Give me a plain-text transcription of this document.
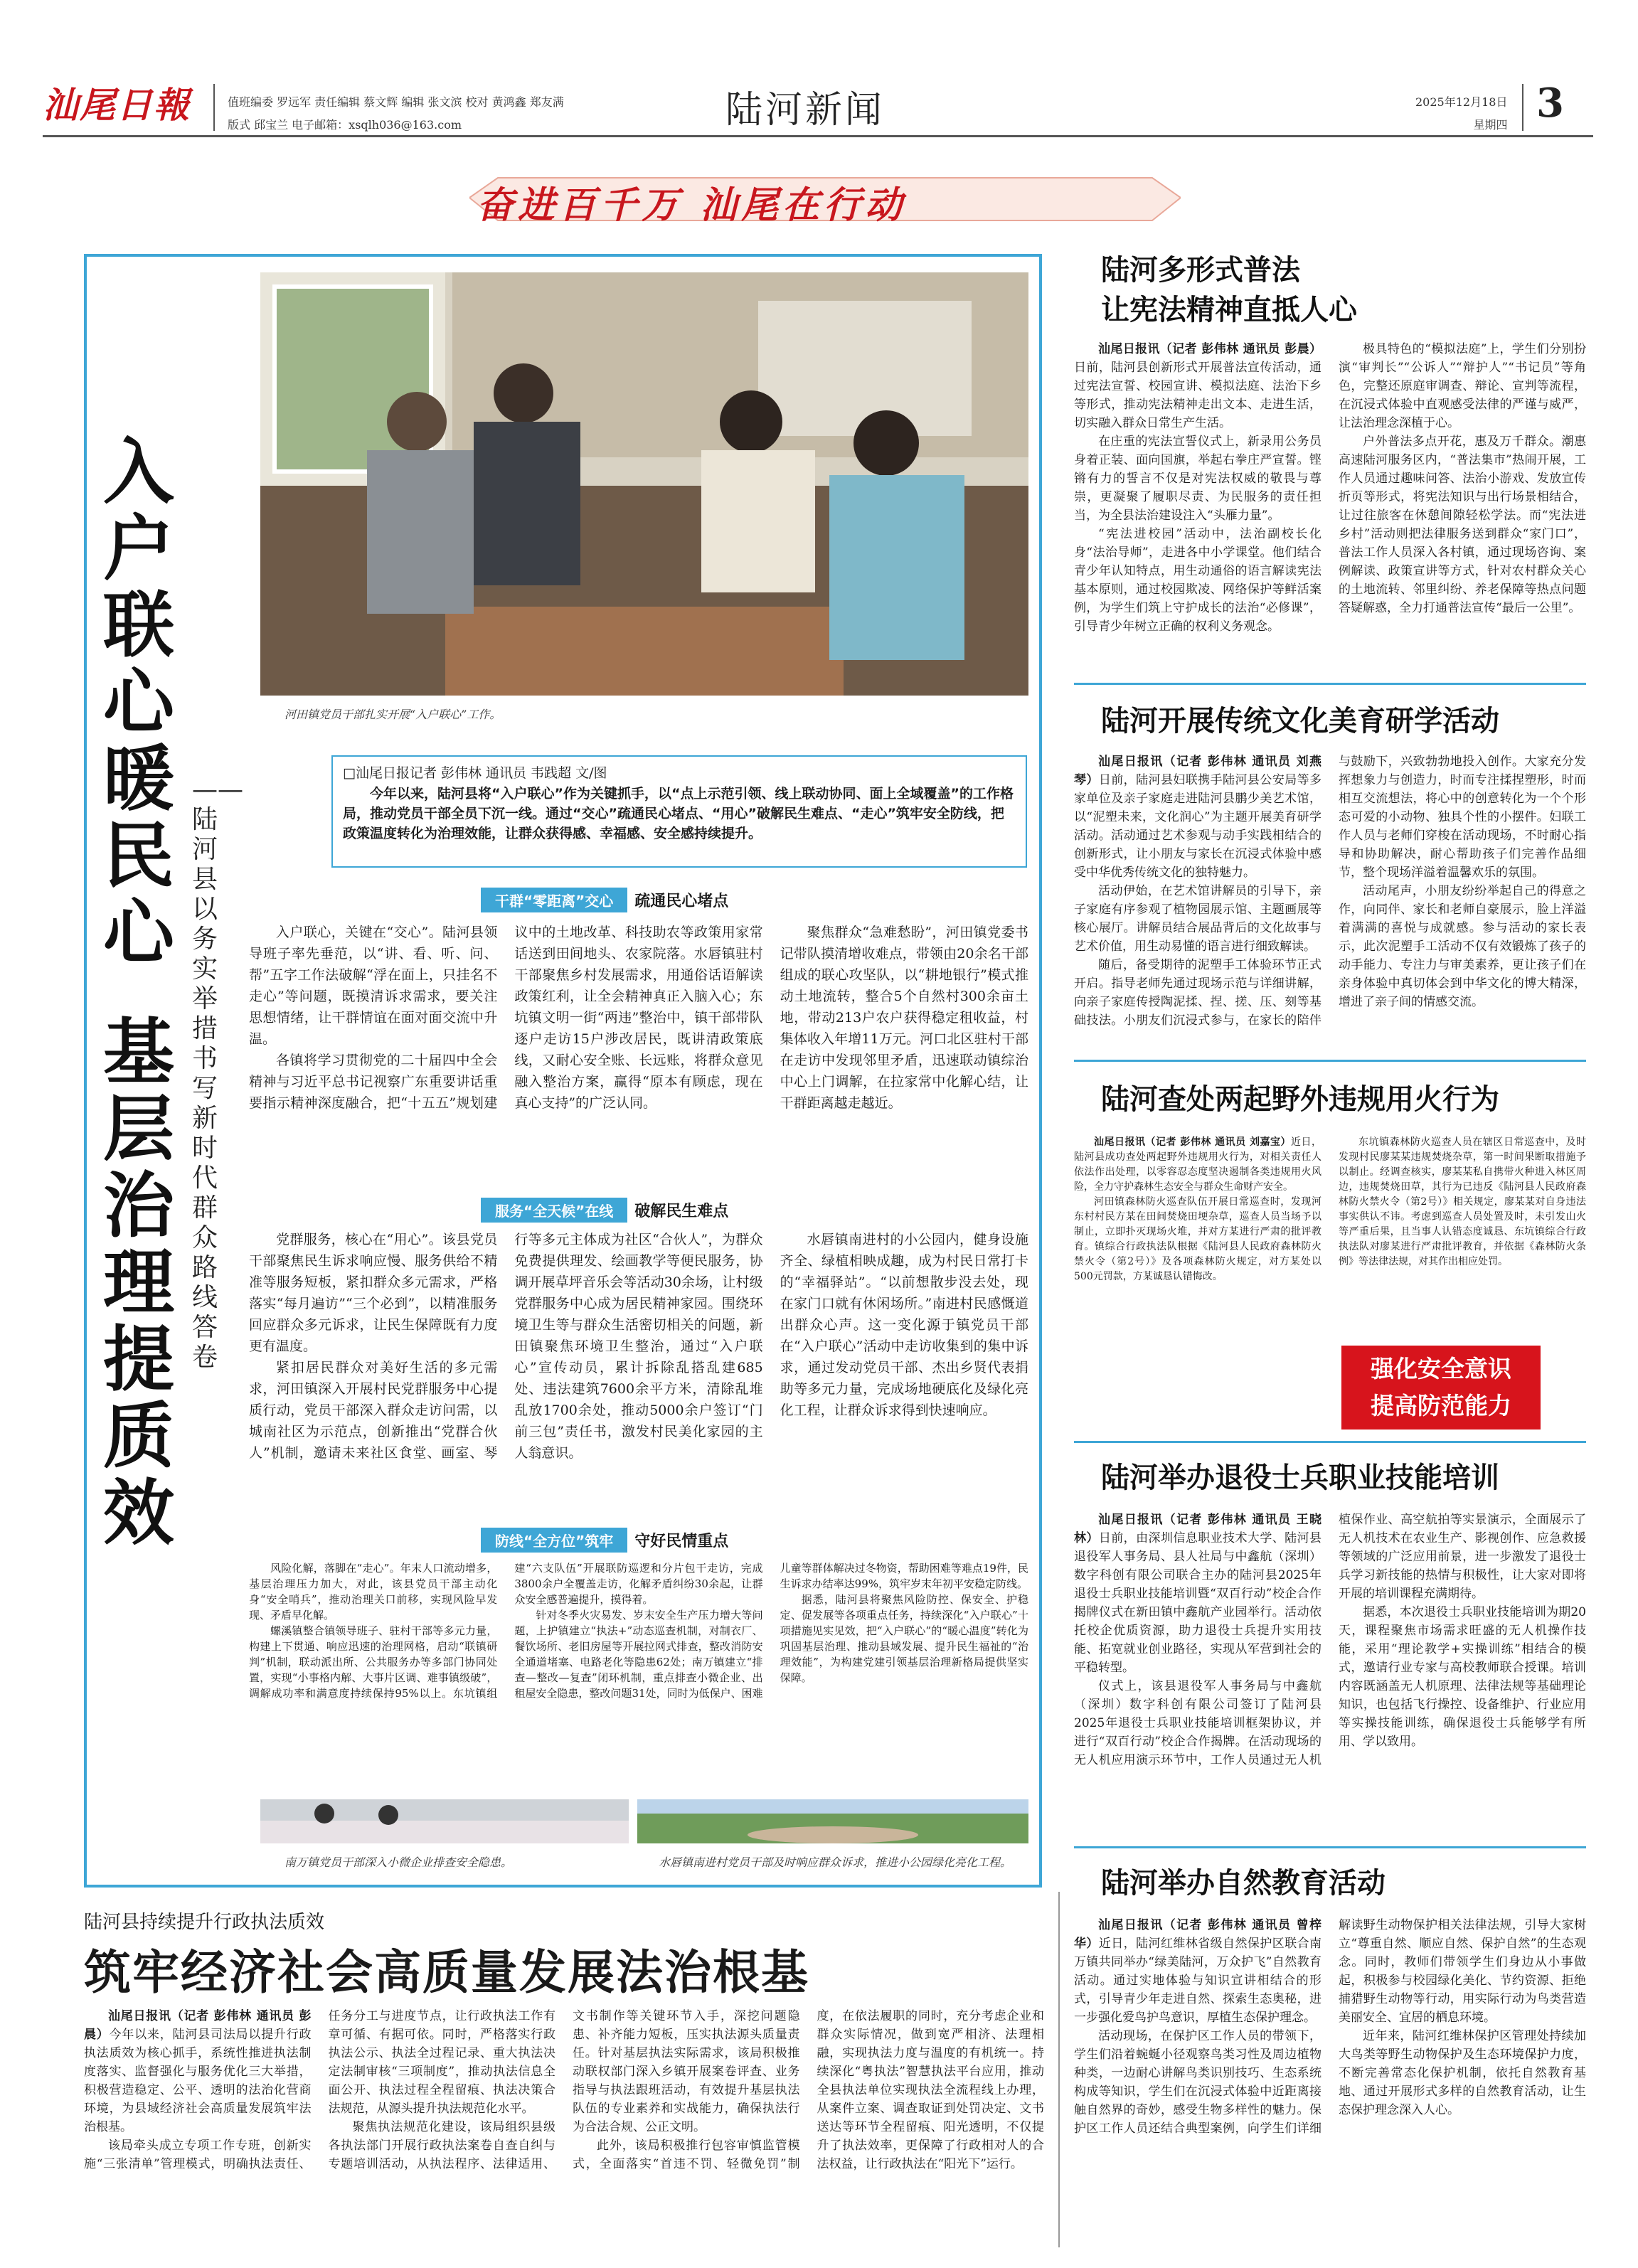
汕尾日報	值班编委 罗远军 责任编辑 蔡文辉 编辑 张文滨 校对 黄鸿鑫 郑友满
版式 邱宝兰 电子邮箱：xsqlh036@163.com	陆河新闻	2025年12月18日
星期四 3
奋进百千万 汕尾在行动
入户联心暖民心
基层治理提质效
——陆河县以务实举措书写新时代群众路线答卷
河田镇党员干部扎实开展“入户联心”工作。
□汕尾日报记者 彭伟林 通讯员 韦践超 文/图
今年以来，陆河县将“入户联心”作为关键抓手，以“点上示范引领、线上联动协同、面上全域覆盖”的工作格局，推动党员干部全员下沉一线。通过“交心”疏通民心堵点、“用心”破解民生难点、“走心”筑牢安全防线，把政策温度转化为治理效能，让群众获得感、幸福感、安全感持续提升。
干群“零距离”交心 疏通民心堵点

入户联心，关键在“交心”。陆河县领导班子率先垂范，以“讲、看、听、问、帮”五字工作法破解“浮在面上，只挂名不走心”等问题，既摸清诉求需求，要关注思想情绪，让干群情谊在面对面交流中升温。

各镇将学习贯彻党的二十届四中全会精神与习近平总书记视察广东重要讲话重要指示精神深度融合，把“十五五”规划建议中的土地改革、科技助农等政策用家常话送到田间地头、农家院落。水唇镇驻村干部聚焦乡村发展需求，用通俗话语解读政策红利，让全会精神真正入脑入心；东坑镇文明一街“两违”整治中，镇干部带队逐户走访15户涉改居民，既讲清政策底线，又耐心安全账、长远账，将群众意见融入整治方案，赢得“原本有顾虑，现在真心支持”的广泛认同。

聚焦群众“急难愁盼”，河田镇党委书记带队摸清增收难点，带领由20余名干部组成的联心攻坚队，以“耕地银行”模式推动土地流转，整合5个自然村300余亩土地，带动213户农户获得稳定租收益，村集体收入年增11万元。河口北区驻村干部在走访中发现邻里矛盾，迅速联动镇综治中心上门调解，在拉家常中化解心结，让干群距离越走越近。

服务“全天候”在线 破解民生难点

党群服务，核心在“用心”。该县党员干部聚焦民生诉求响应慢、服务供给不精准等服务短板，紧扣群众多元需求，严格落实“每月遍访”“三个必到”，以精准服务回应群众多元诉求，让民生保障既有力度更有温度。

紧扣居民群众对美好生活的多元需求，河田镇深入开展村民党群服务中心提质行动，党员干部深入群众走访问需，以城南社区为示范点，创新推出“党群合伙人”机制，邀请未来社区食堂、画室、琴行等多元主体成为社区“合伙人”，为群众免费提供理发、绘画教学等便民服务，协调开展草坪音乐会等活动30余场，让村级党群服务中心成为居民精神家园。围绕环境卫生等与群众生活密切相关的问题，新田镇聚焦环境卫生整治，通过“入户联心”宣传动员，累计拆除乱搭乱建685处、违法建筑7600余平方米，清除乱堆乱放1700余处，推动5000余户签订“门前三包”责任书，激发村民美化家园的主人翁意识。

水唇镇南进村的小公园内，健身设施齐全、绿植相映成趣，成为村民日常打卡的“幸福驿站”。“以前想散步没去处，现在家门口就有休闲场所。”南进村民感慨道出群众心声。这一变化源于镇党员干部在“入户联心”活动中走访收集到的集中诉求，通过发动党员干部、杰出乡贤代表捐助等多元力量，完成场地硬底化及绿化亮化工程，让群众诉求得到快速响应。

防线“全方位”筑牢 守好民情重点

风险化解，落脚在“走心”。年末人口流动增多，基层治理压力加大，对此，该县党员干部主动化身“安全哨兵”，推动治理关口前移，实现风险早发现、矛盾早化解。

螺溪镇整合镇领导班子、驻村干部等多元力量，构建上下贯通、响应迅速的治理网格，启动“联镇研判”机制，联动派出所、公共服务办等多部门协同处置，实现“小事格内解、大事片区调、难事镇级破”，调解成功率和满意度持续保持95%以上。东坑镇组建“六支队伍”开展联防巡逻和分片包干走访，完成3800余户全覆盖走访，化解矛盾纠纷30余起，让群众安全感普遍提升，摸得着。

针对冬季火灾易发、岁末安全生产压力增大等问题，上护镇建立“执法+”动态巡查机制，对制衣厂、餐饮场所、老旧房屋等开展拉网式排查，整改消防安全通道堵塞、电路老化等隐患62处；南万镇建立“排查—整改—复查”闭环机制，重点排查小微企业、出租屋安全隐患，整改问题31处，同时为低保户、困难儿童等群体解决过冬物资，帮助困难等难点19件，民生诉求办结率达99%，筑牢岁末年初平安稳定防线。

据悉，陆河县将聚焦风险防控、保安全、护稳定、促发展等各项重点任务，持续深化“入户联心”十项措施见实见效，把“入户联心”的“暖心温度”转化为巩固基层治理、推动县域发展、提升民生福祉的“治理效能”，为构建党建引领基层治理新格局提供坚实保障。

南万镇党员干部深入小微企业排查安全隐患。	水唇镇南进村党员干部及时响应群众诉求，推进小公园绿化亮化工程。
陆河多形式普法
让宪法精神直抵人心

汕尾日报讯（记者 彭伟林 通讯员 彭晨）日前，陆河县创新形式开展普法宣传活动，通过宪法宣誓、校园宣讲、模拟法庭、法治下乡等形式，推动宪法精神走出文本、走进生活，切实融入群众日常生产生活。

在庄重的宪法宣誓仪式上，新录用公务员身着正装、面向国旗，举起右拳庄严宣誓。铿锵有力的誓言不仅是对宪法权威的敬畏与尊崇，更凝聚了履职尽责、为民服务的责任担当，为全县法治建设注入“头雁力量”。

“宪法进校园”活动中，法治副校长化身“法治导师”，走进各中小学课堂。他们结合青少年认知特点，用生动通俗的语言解读宪法基本原则，通过校园欺凌、网络保护等鲜活案例，为学生们筑上守护成长的法治“必修课”，引导青少年树立正确的权利义务观念。

极具特色的“模拟法庭”上，学生们分别扮演“审判长”“公诉人”“辩护人”“书记员”等角色，完整还原庭审调查、辩论、宣判等流程，在沉浸式体验中直观感受法律的严谨与威严，让法治理念深植于心。

户外普法多点开花，惠及万千群众。潮惠高速陆河服务区内，“普法集市”热闹开展，工作人员通过趣味问答、法治小游戏、发放宣传折页等形式，将宪法知识与出行场景相结合，让过往旅客在休憩间隙轻松学法。而“宪法进乡村”活动则把法律服务送到群众“家门口”，普法工作人员深入各村镇，通过现场咨询、案例解读、政策宣讲等方式，针对农村群众关心的土地流转、邻里纠纷、养老保障等热点问题答疑解惑，全力打通普法宣传“最后一公里”。

陆河开展传统文化美育研学活动

汕尾日报讯（记者 彭伟林 通讯员 刘燕琴）日前，陆河县妇联携手陆河县公安局等多家单位及亲子家庭走进陆河县鹏少美艺术馆，以“泥塑未来，文化润心”为主题开展美育研学活动。活动通过艺术参观与动手实践相结合的创新形式，让小朋友与家长在沉浸式体验中感受中华优秀传统文化的独特魅力。

活动伊始，在艺术馆讲解员的引导下，亲子家庭有序参观了植物园展示馆、主题画展等核心展厅。讲解员结合展品背后的文化故事与艺术价值，用生动易懂的语言进行细致解读。

随后，备受期待的泥塑手工体验环节正式开启。指导老师先通过现场示范与详细讲解，向亲子家庭传授陶泥揉、捏、搓、压、刻等基础技法。小朋友们沉浸式参与，在家长的陪伴与鼓励下，兴致勃勃地投入创作。大家充分发挥想象力与创造力，时而专注揉捏塑形，时而相互交流想法，将心中的创意转化为一个个形态可爱的小动物、独具个性的小摆件。妇联工作人员与老师们穿梭在活动现场，不时耐心指导和协助解决，耐心帮助孩子们完善作品细节，整个现场洋溢着温馨欢乐的氛围。

活动尾声，小朋友纷纷举起自己的得意之作，向同伴、家长和老师自豪展示，脸上洋溢着满满的喜悦与成就感。参与活动的家长表示，此次泥塑手工活动不仅有效锻炼了孩子的动手能力、专注力与审美素养，更让孩子们在亲身体验中真切体会到中华文化的博大精深，增进了亲子间的情感交流。

陆河查处两起野外违规用火行为

汕尾日报讯（记者 彭伟林 通讯员 刘嘉宝）近日，陆河县成功查处两起野外违规用火行为，对相关责任人依法作出处理，以零容忍态度坚决遏制各类违规用火风险，全力守护森林生态安全与群众生命财产安全。

河田镇森林防火巡查队伍开展日常巡查时，发现河东村村民方某在田间焚烧田埂杂草，巡查人员当场予以制止，立即扑灭现场火堆，并对方某进行严肃的批评教育。镇综合行政执法队根据《陆河县人民政府森林防火禁火令（第2号）》及各项森林防火规定，对方某处以500元罚款，方某诚恳认错悔改。

东坑镇森林防火巡查人员在辖区日常巡查中，及时发现村民廖某某违规焚烧杂草，第一时间果断取措施予以制止。经调查核实，廖某某私自携带火种进入林区周边，违规焚烧田草，其行为已违反《陆河县人民政府森林防火禁火令（第2号）》相关规定，廖某某对自身违法事实供认不讳。考虑到巡查人员处置及时，未引发山火等严重后果，且当事人认错态度诚恳、东坑镇综合行政执法队对廖某进行严肃批评教育，并依据《森林防火条例》等法律法规，对其作出相应处罚。

强化安全意识
提高防范能力
陆河举办退役士兵职业技能培训

汕尾日报讯（记者 彭伟林 通讯员 王晓林）日前，由深圳信息职业技术大学、陆河县退役军人事务局、县人社局与中鑫航（深圳）数字科创有限公司联合主办的陆河县2025年退役士兵职业技能培训暨“双百行动”校企合作揭牌仪式在新田镇中鑫航产业园举行。活动依托校企优质资源，助力退役士兵提升实用技能、拓宽就业创业路径，实现从军营到社会的平稳转型。

仪式上，该县退役军人事务局与中鑫航（深圳）数字科创有限公司签订了陆河县2025年退役士兵职业技能培训框架协议，并进行“双百行动”校企合作揭牌。在活动现场的无人机应用演示环节中，工作人员通过无人机植保作业、高空航拍等实景演示，全面展示了无人机技术在农业生产、影视创作、应急救援等领域的广泛应用前景，进一步激发了退役士兵学习新技能的热情与积极性，让大家对即将开展的培训课程充满期待。

据悉，本次退役士兵职业技能培训为期20天，课程聚焦市场需求旺盛的无人机操作技能，采用“理论教学+实操训练”相结合的模式，邀请行业专家与高校教师联合授课。培训内容既涵盖无人机原理、法律法规等基础理论知识，也包括飞行操控、设备维护、行业应用等实操技能训练，确保退役士兵能够学有所用、学以致用。

陆河举办自然教育活动

汕尾日报讯（记者 彭伟林 通讯员 曾梓华）近日，陆河红维林省级自然保护区联合南万镇共同举办“绿美陆河，万众护飞”自然教育活动。通过实地体验与知识宣讲相结合的形式，引导青少年走进自然、探索生态奥秘，进一步强化爱鸟护鸟意识，厚植生态保护理念。

活动现场，在保护区工作人员的带领下，学生们沿着蜿蜒小径观察鸟类习性及周边植物种类，一边耐心讲解鸟类识别技巧、生态系统构成等知识，学生们在沉浸式体验中近距离接触自然界的奇妙，感受生物多样性的魅力。保护区工作人员还结合典型案例，向学生们详细解读野生动物保护相关法律法规，引导大家树立“尊重自然、顺应自然、保护自然”的生态观念。同时，教师们带领学生们身边从小事做起，积极参与校园绿化美化、节约资源、拒绝捕猎野生动物等行动，用实际行动为鸟类营造美丽安全、宜居的栖息环境。

近年来，陆河红维林保护区管理处持续加大鸟类等野生动物保护及生态环境保护力度，不断完善常态化保护机制，依托自然教育基地、通过开展形式多样的自然教育活动，让生态保护理念深入人心。

陆河县持续提升行政执法质效
筑牢经济社会高质量发展法治根基

汕尾日报讯（记者 彭伟林 通讯员 彭晨）今年以来，陆河县司法局以提升行政执法质效为核心抓手，系统性推进执法制度落实、监督强化与服务优化三大举措，积极营造稳定、公平、透明的法治化营商环境，为县域经济社会高质量发展筑牢法治根基。

该局牵头成立专项工作专班，创新实施“三张清单”管理模式，明确执法责任、任务分工与进度节点，让行政执法工作有章可循、有据可依。同时，严格落实行政执法公示、执法全过程记录、重大执法决定法制审核“三项制度”，推动执法信息全面公开、执法过程全程留痕、执法决策合法规范，从源头提升执法规范化水平。

聚焦执法规范化建设，该局组织县级各执法部门开展行政执法案卷自查自纠与专题培训活动，从执法程序、法律适用、文书制作等关键环节入手，深挖问题隐患、补齐能力短板，压实执法源头质量责任。针对基层执法实际需求，该局积极推动联权部门深入乡镇开展案卷评查、业务指导与执法跟班活动，有效提升基层执法队伍的专业素养和实战能力，确保执法行为合法合规、公正文明。

此外，该局积极推行包容审慎监管模式，全面落实“首违不罚、轻微免罚”制度，在依法履职的同时，充分考虑企业和群众实际情况，做到宽严相济、法理相融，实现执法力度与温度的有机统一。持续深化“粤执法”智慧执法平台应用，推动全县执法单位实现执法全流程线上办理，从案件立案、调查取证到处罚决定、文书送达等环节全程留痕、阳光透明，不仅提升了执法效率，更保障了行政相对人的合法权益，让行政执法在“阳光下”运行。
